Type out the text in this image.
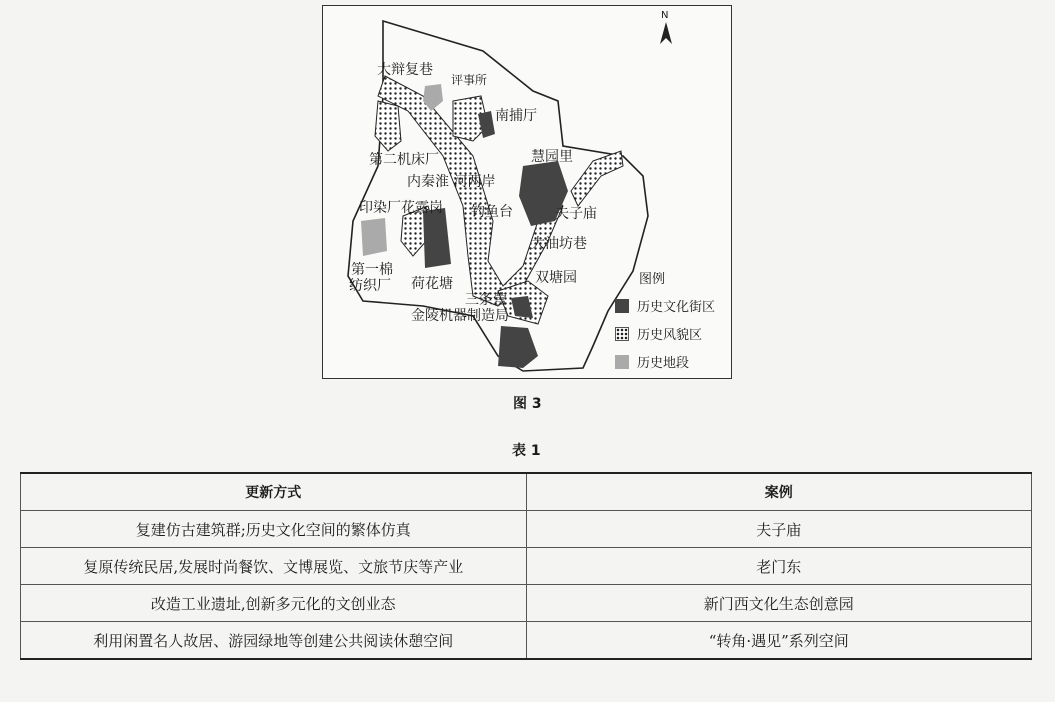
N
大辩复巷
评事所
南捕厅
第二机床厂	慧园里
内秦淮 河两岸
印染厂花露岗 钓鱼台	夫子庙
大油坊巷
第一棉
纺织厂 荷花塘	双塘园
三条营
金陵机器制造局
图例
历史文化街区
历史风貌区
历史地段
图 3
表 1
更新方式	案例
复建仿古建筑群;历史文化空间的繁体仿真	夫子庙
复原传统民居,发展时尚餐饮、文博展览、文旅节庆等产业	老门东
改造工业遗址,创新多元化的文创业态	新门西文化生态创意园
利用闲置名人故居、游园绿地等创建公共阅读休憩空间	“转角·遇见”系列空间
